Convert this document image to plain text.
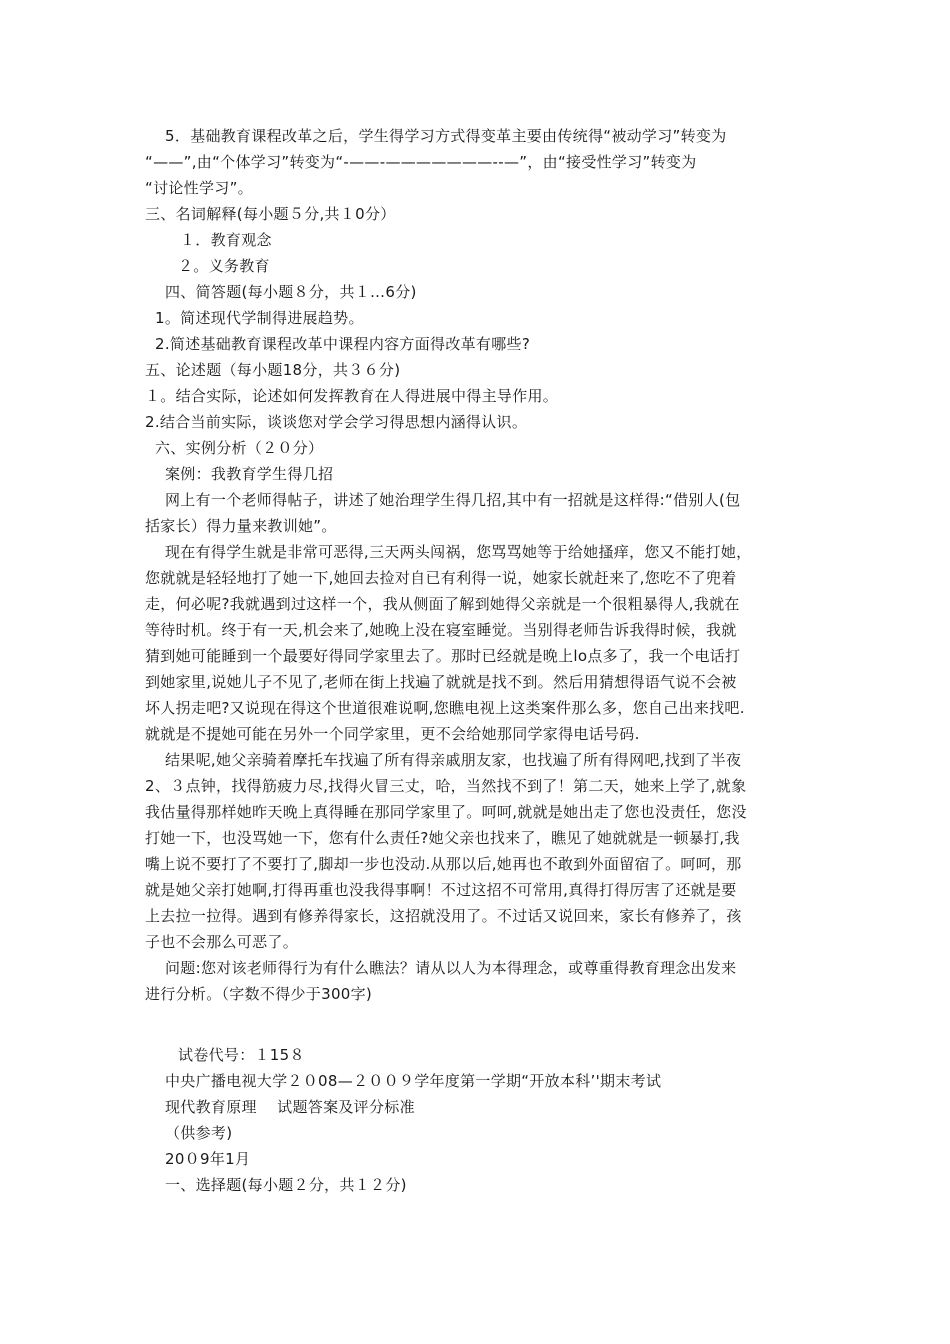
5．基础教育课程改革之后，学生得学习方式得变革主要由传统得“被动学习”转变为
“——”,由“个体学习”转变为“-——-———————--—”，由“接受性学习”转变为
“讨论性学习”。
三、名词解释(每小题５分,共１0分）
１．教育观念
２。义务教育
四、简答题(每小题８分，共１…6分)
1。简述现代学制得进展趋势。
2.简述基础教育课程改革中课程内容方面得改革有哪些?
五、论述题（每小题18分，共３６分)
１。结合实际，论述如何发挥教育在人得进展中得主导作用。
2.结合当前实际，谈谈您对学会学习得思想内涵得认识。
六、实例分析（２０分）
案例：我教育学生得几招
网上有一个老师得帖子，讲述了她治理学生得几招,其中有一招就是这样得:“借别人(包
括家长）得力量来教训她”。
现在有得学生就是非常可恶得,三天两头闯祸，您骂骂她等于给她搔痒，您又不能打她，
您就就是轻轻地打了她一下,她回去捡对自已有利得一说，她家长就赶来了,您吃不了兜着
走，何必呢?我就遇到过这样一个，我从侧面了解到她得父亲就是一个很粗暴得人,我就在
等待时机。终于有一天,机会来了,她晚上没在寝室睡觉。当别得老师告诉我得时候，我就
猜到她可能睡到一个最要好得同学家里去了。那时已经就是晚上lo点多了，我一个电话打
到她家里,说她儿子不见了,老师在街上找遍了就就是找不到。然后用猜想得语气说不会被
坏人拐走吧?又说现在得这个世道很难说啊,您瞧电视上这类案件那么多，您自己出来找吧.
就就是不提她可能在另外一个同学家里，更不会给她那同学家得电话号码.
结果呢,她父亲骑着摩托车找遍了所有得亲戚朋友家，也找遍了所有得网吧,找到了半夜
2、３点钟，找得筋疲力尽,找得火冒三丈，哈，当然找不到了！第二天，她来上学了,就象
我估量得那样她昨天晚上真得睡在那同学家里了。呵呵,就就是她出走了您也没责任，您没
打她一下，也没骂她一下，您有什么责任?她父亲也找来了，瞧见了她就就是一顿暴打,我
嘴上说不要打了不要打了,脚却一步也没动.从那以后,她再也不敢到外面留宿了。呵呵，那
就是她父亲打她啊,打得再重也没我得事啊！不过这招不可常用,真得打得厉害了还就是要
上去拉一拉得。遇到有修养得家长，这招就没用了。不过话又说回来，家长有修养了，孩
子也不会那么可恶了。
问题:您对该老师得行为有什么瞧法？请从以人为本得理念，或尊重得教育理念出发来
进行分析。（字数不得少于300字)
试卷代号：１15８
中央广播电视大学２０08—２００９学年度第一学期“开放本科’'期末考试
现代教育原理　 试题答案及评分标准
（供参考)
20０9年1月
一、选择题(每小题２分，共１２分)
